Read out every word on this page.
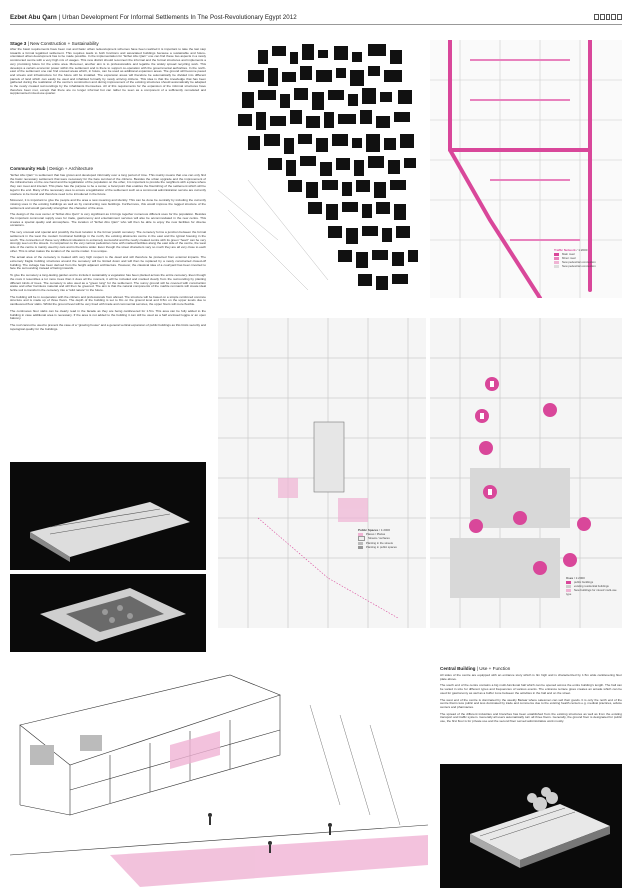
Ezbet Abu Qarn | Urban Development For Informal Settlements In The Post-Revolutionary Egypt 2012
Stage 3 | New Construction + Sustainability
After the basic requirements have been met and basic urban redevelopment schemes have been realized it is important to take the last step towards a formal legalized settlement. This requires leads to both functions and associated buildings because a sustainable and future-orientated urban development has to be made possible. In the implementation for "Ezbet Abu Qarn" one can find these two aspects in a newly constructed centre with a very high mix of usages. This new district should reconnect the informal and the formal structures and implements a very promising future for the entire area. Moreover, another aim is to professionalize and legalize the widely spread recycling work. This develops a certain economic power within the settlement and is there to support co-operation with the governmental authorities. In the north-east of the settlement one can find unused areas which, in future, can be used as additional expansion areas. The ground will become paved and streets and infrastructure for the future will be installed. The expansion areas will therefore be automatically be divided into different parcels of land which can easily be used and inhabited formally by newly arriving citizens. This idea is that the knowledge that has been gathered during the realization of the centre's construction and during improvement of the existing structures should automatically be adapted to the newly created surroundings by the inhabitants themselves. All of this requirements for the expansion of the informal structures have therefore been met, except that there are no longer informal but can rather be seen as a component of a sufficiently remodeled and supplemented mixed-use quarter.
Community Hub | Design + Architecture
"Ezbet Abu Qarn" is settlement that has grown and developed informally over a long period of time. This mainly means that one can only find the basic necessary settlement that were necessary for the bare survival of the citizens. Besides the urban upgrade and the improvement of the infrastructure on the one hand and the legalization of the population on the other, it is important to provide the neighbors with a place where they can meet and interact. This place has the purpose to be a center, a focal point that enables the flourishing of the settlement which will be legal in the end. Many of the necessary uses to ensure a legalization of the settlement such as a communal administration service are currently nowhere to be found and therefore need to be introduced in the future.
Moreover, it is important to give the people and the area a new meaning and identity. This can be done be centrally by including the currently missing uses in the existing buildings as well as by constructing new buildings. Furthermore, this would improve the ragged structure of the settlement and would generally strengthen the character of the area.
The design of the new center of "Ezbet Abu Qarn" is very significant as it brings together numerous different uses for the population. Besides the important communal supply uses for trade, gastronomy and entertainment services will also be accommodated in the new centre. This creates a special quality and atmosphere. The location of "Ezbet Abu Qarn" who will then be able to enjoy the new facilities for diverse occasions.
The very unusual and special and possibly the best location is the former jewish cemetery. The cemetery forms a junction between the formal settlement in the west the modern functional buildings in the north, the existing allotments centre in the east and the typical housing in the south. The connection of these very different situations is extremely successful and the newly created centre with its green "heart" can be very strongly seen on the streets. In comparison to the very narrow pedestrian zone with marked facilities along the east side of the centre, the west side of the centre is mainly used by cars and is therefore wider. Even though the street characters vary so much they are all very close to each other. This is what makes the location of the centre matter. It so unique.
The actual area of the cemetery is treated with very high respect to the dead and will therefore be protected from external impacts. The extremely fragile building structures around the cemetery will be limited down and will then be replaced by a newly constructed closed-off building. The cubage has been derived from the height adjacent architecture. However, the classical idea of a courtyard has been inverted to face the surrounding instead of facing inwards.
To give the cemetery a long-lasting garden and to include it sustainably a vegetation has been planted across the entire cemetery. Even though the rows it resembles a lot more trees than it does all the moment, it will be included and marked clearly from the surrounding by planting different kinds of trees. The cemetery is also used as a "green lung" for the settlement. The sunny ground will be covered with construction waste and other harmless material and will then be greened. The aim is that the natural components of the marble remnants will create ideal fertile soil to transform the cemetery into a "wild nature" in the future.
The building will be in cooperation with the citizens and professionals from abroad. The structure will be based on a simple reinforced concrete structure and is made up of three floors. The depth of the building is set to 8m on the ground level and 9.5m on the upper levels due to cantilevered floor slabs. Whilst the ground level will be very lined with trade and commercial services, the upper floors will more flexible.
The continuous floor slabs can be clearly read in the facade as they are being cantilevered for 1.5m. This area can be fully added to the building in case additional area is necessary. If the area is not added to the building it can still be used as a half enclosed loggia or an open balcony.
The roof cannot be used to prevent the case of a "growing house" and a general vertical expansion of public buildings as this limits security and topological quality for the buildings.
Traffic Network / 1:2000
Main road
Minor road
New pedestrian connection
New pedestrian connection
Public Spaces / 1:2000
Places / Plazas
Streets / surfaces
Planting in the streets
Planting in public spaces
Uses / 1:2000
public buildings
existing residential buildings
New buildings for mixed/ multi-use type
Central Building | Use + Function
All sides of the centre are equipped with an entrance story which is 3m high and is characterized by 1.5m wide cantilevering floor plate above.
The south end of the centre contains a big multi-functional hall which can be opened across the entire building's length. The hall can be varied in size for different types and frequencies of various events. The entrance terrace gives creates an arcade which can be used for gastronomy as well as a buffer zone between the activities in the hall and on the street.
The west end of the centre is dominated by the weekly Bazaar where salesmen can sell their goods. It is only the north end of the centre that is less public and less dominated by trade and commerce due to the existing health centers e.g. medical practices, advice centers and pharmacies.
The spread of the different industries and branches has been established from the existing structures as well as from the existing transport and traffic system. Generally all users automatically turn all three floors. Generally, the ground floor is designated for public use, the first floor is for private use and the second floor served administrative work mostly.
